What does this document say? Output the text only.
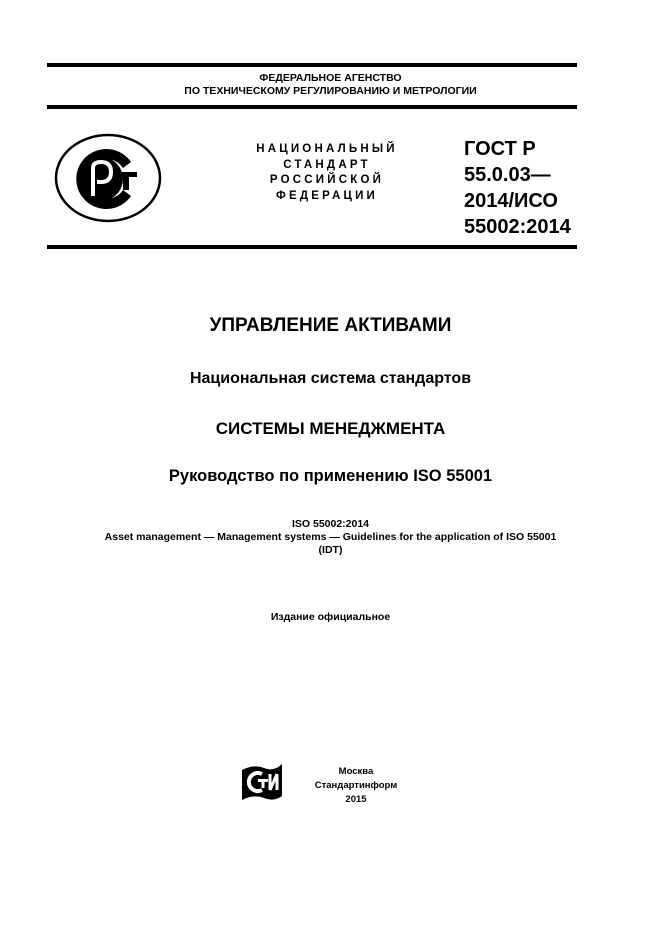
ФЕДЕРАЛЬНОЕ АГЕНСТВО
ПО ТЕХНИЧЕСКОМУ РЕГУЛИРОВАНИЮ И МЕТРОЛОГИИ
НАЦИОНАЛЬНЫЙ
СТАНДАРТ
РОССИЙСКОЙ
ФЕДЕРАЦИИ
ГОСТ Р
55.0.03—
2014/ИСО
55002:2014
УПРАВЛЕНИЕ АКТИВАМИ
Национальная система стандартов
СИСТЕМЫ МЕНЕДЖМЕНТА
Руководство по применению ISO 55001
ISO 55002:2014
Asset management — Management systems — Guidelines for the application of ISO 55001
(IDT)
Издание официальное
Москва
Стандартинформ
2015
